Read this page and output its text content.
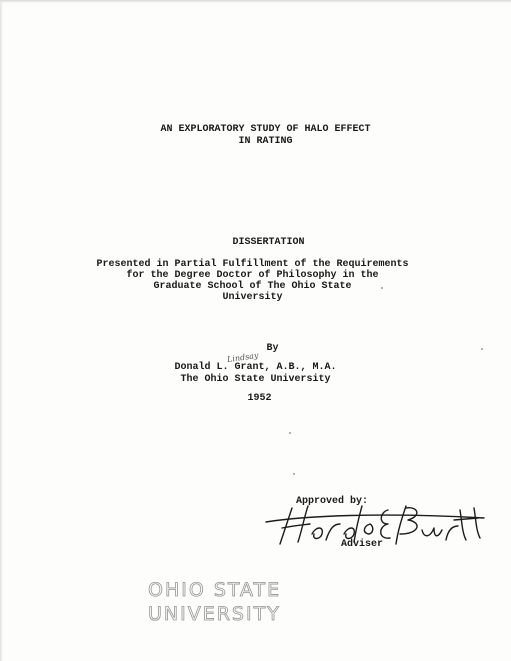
AN EXPLORATORY STUDY OF HALO EFFECT
IN RATING
DISSERTATION
Presented in Partial Fulfillment of the Requirements
for the Degree Doctor of Philosophy in the
Graduate School of The Ohio State
University
By
Donald L. Grant, A.B., M.A.
Lindsay
The Ohio State University
1952
Approved by:
Adviser
OHIO STATE
UNIVERSITY
